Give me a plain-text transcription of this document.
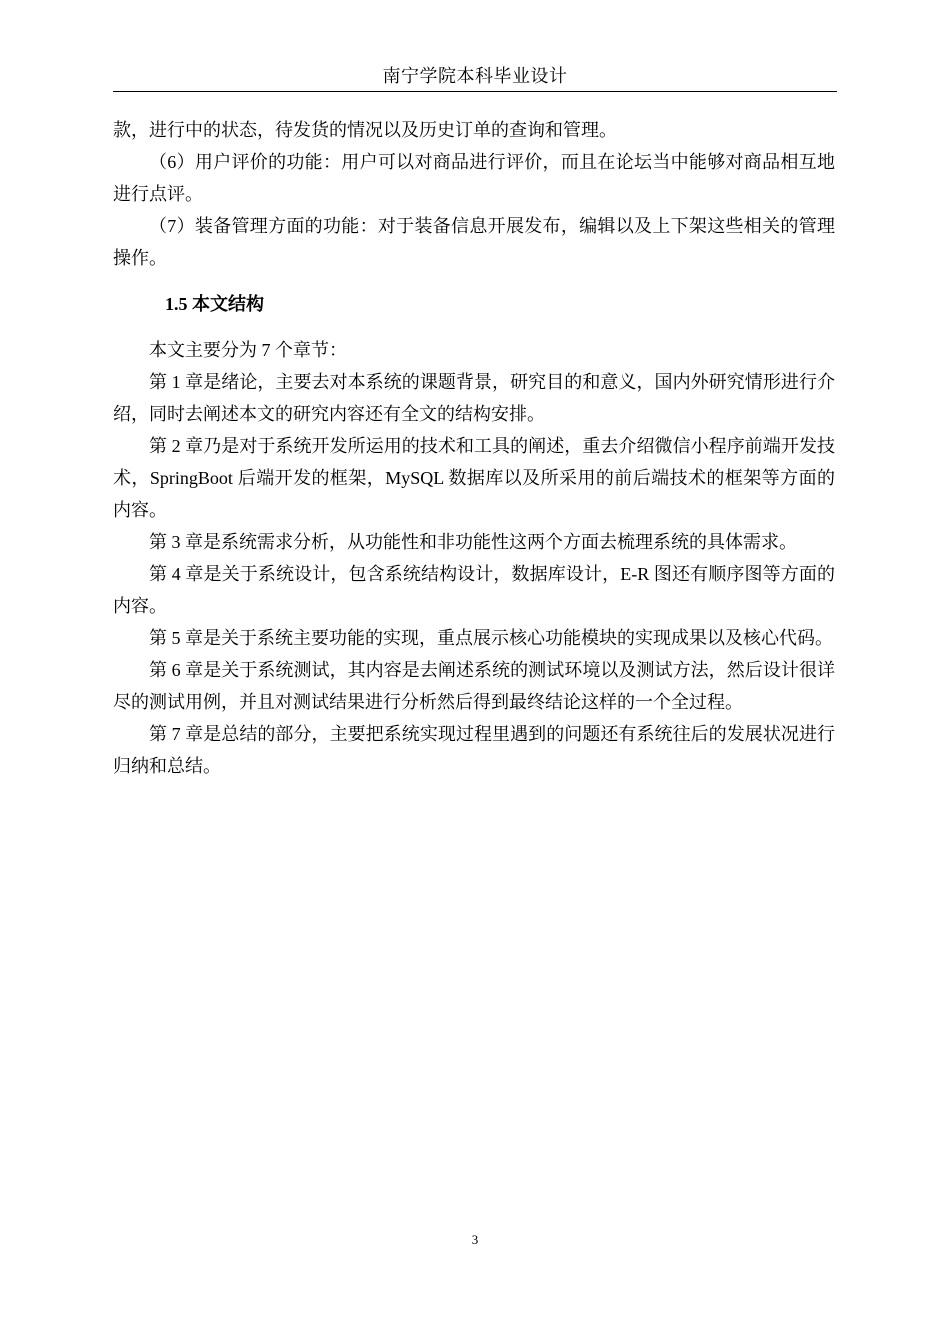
南宁学院本科毕业设计

款，进行中的状态，待发货的情况以及历史订单的查询和管理。

（6）用户评价的功能：用户可以对商品进行评价，而且在论坛当中能够对商品相互地进行点评。

（7）装备管理方面的功能：对于装备信息开展发布，编辑以及上下架这些相关的管理操作。

1.5 本文结构

本文主要分为 7 个章节：

第 1 章是绪论，主要去对本系统的课题背景，研究目的和意义，国内外研究情形进行介绍，同时去阐述本文的研究内容还有全文的结构安排。

第 2 章乃是对于系统开发所运用的技术和工具的阐述，重去介绍微信小程序前端开发技术，SpringBoot 后端开发的框架，MySQL 数据库以及所采用的前后端技术的框架等方面的内容。

第 3 章是系统需求分析，从功能性和非功能性这两个方面去梳理系统的具体需求。

第 4 章是关于系统设计，包含系统结构设计，数据库设计，E-R 图还有顺序图等方面的内容。

第 5 章是关于系统主要功能的实现，重点展示核心功能模块的实现成果以及核心代码。

第 6 章是关于系统测试，其内容是去阐述系统的测试环境以及测试方法，然后设计很详尽的测试用例，并且对测试结果进行分析然后得到最终结论这样的一个全过程。

第 7 章是总结的部分，主要把系统实现过程里遇到的问题还有系统往后的发展状况进行归纳和总结。

3
